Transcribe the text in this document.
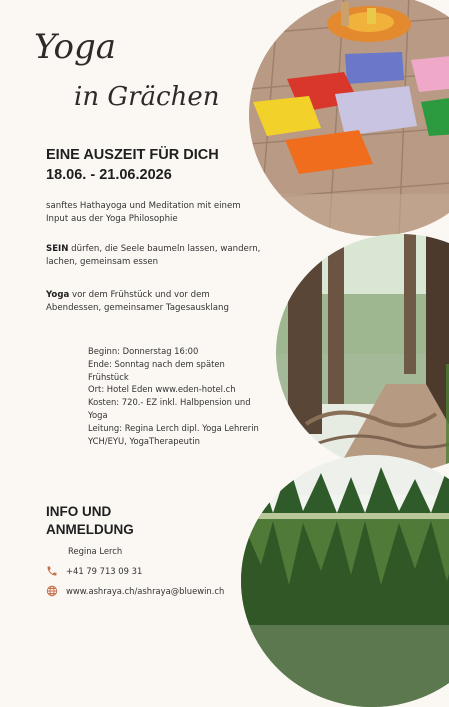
Yoga
in Grächen
EINE AUSZEIT FÜR DICH
18.06. - 21.06.2026
sanftes Hathayoga und Meditation mit einem Input aus der Yoga Philosophie
SEIN dürfen, die Seele baumeln lassen, wandern, lachen, gemeinsam essen
Yoga vor dem Frühstück und vor dem Abendessen, gemeinsamer Tagesausklang
Beginn: Donnerstag 16:00
Ende: Sonntag nach dem späten Frühstück
Ort: Hotel Eden www.eden-hotel.ch
Kosten: 720.- EZ inkl. Halbpension und Yoga
Leitung: Regina Lerch dipl. Yoga Lehrerin YCH/EYU, YogaTherapeutin
INFO UND
ANMELDUNG
Regina Lerch
+41 79 713 09 31
www.ashraya.ch/ashraya@bluewin.ch
